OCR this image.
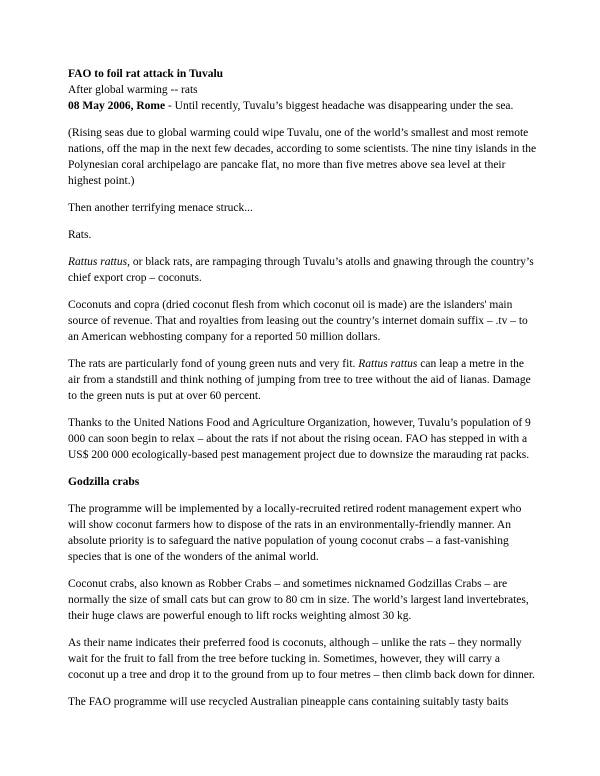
FAO to foil rat attack in Tuvalu
After global warming -- rats
08 May 2006, Rome - Until recently, Tuvalu’s biggest headache was disappearing under the sea.

(Rising seas due to global warming could wipe Tuvalu, one of the world’s smallest and most remote nations, off the map in the next few decades, according to some scientists. The nine tiny islands in the Polynesian coral archipelago are pancake flat, no more than five metres above sea level at their highest point.)

Then another terrifying menace struck...

Rats.

Rattus rattus, or black rats, are rampaging through Tuvalu’s atolls and gnawing through the country’s chief export crop – coconuts.

Coconuts and copra (dried coconut flesh from which coconut oil is made) are the islanders' main source of revenue. That and royalties from leasing out the country’s internet domain suffix – .tv – to an American webhosting company for a reported 50 million dollars.

The rats are particularly fond of young green nuts and very fit. Rattus rattus can leap a metre in the air from a standstill and think nothing of jumping from tree to tree without the aid of lianas. Damage to the green nuts is put at over 60 percent.

Thanks to the United Nations Food and Agriculture Organization, however, Tuvalu’s population of 9 000 can soon begin to relax – about the rats if not about the rising ocean. FAO has stepped in with a US$ 200 000 ecologically-based pest management project due to downsize the marauding rat packs.

Godzilla crabs

The programme will be implemented by a locally-recruited retired rodent management expert who will show coconut farmers how to dispose of the rats in an environmentally-friendly manner. An absolute priority is to safeguard the native population of young coconut crabs – a fast-vanishing species that is one of the wonders of the animal world.

Coconut crabs, also known as Robber Crabs – and sometimes nicknamed Godzillas Crabs – are normally the size of small cats but can grow to 80 cm in size. The world’s largest land invertebrates, their huge claws are powerful enough to lift rocks weighting almost 30 kg.

As their name indicates their preferred food is coconuts, although – unlike the rats – they normally wait for the fruit to fall from the tree before tucking in. Sometimes, however, they will carry a coconut up a tree and drop it to the ground from up to four metres – then climb back down for dinner.

The FAO programme will use recycled Australian pineapple cans containing suitably tasty baits
